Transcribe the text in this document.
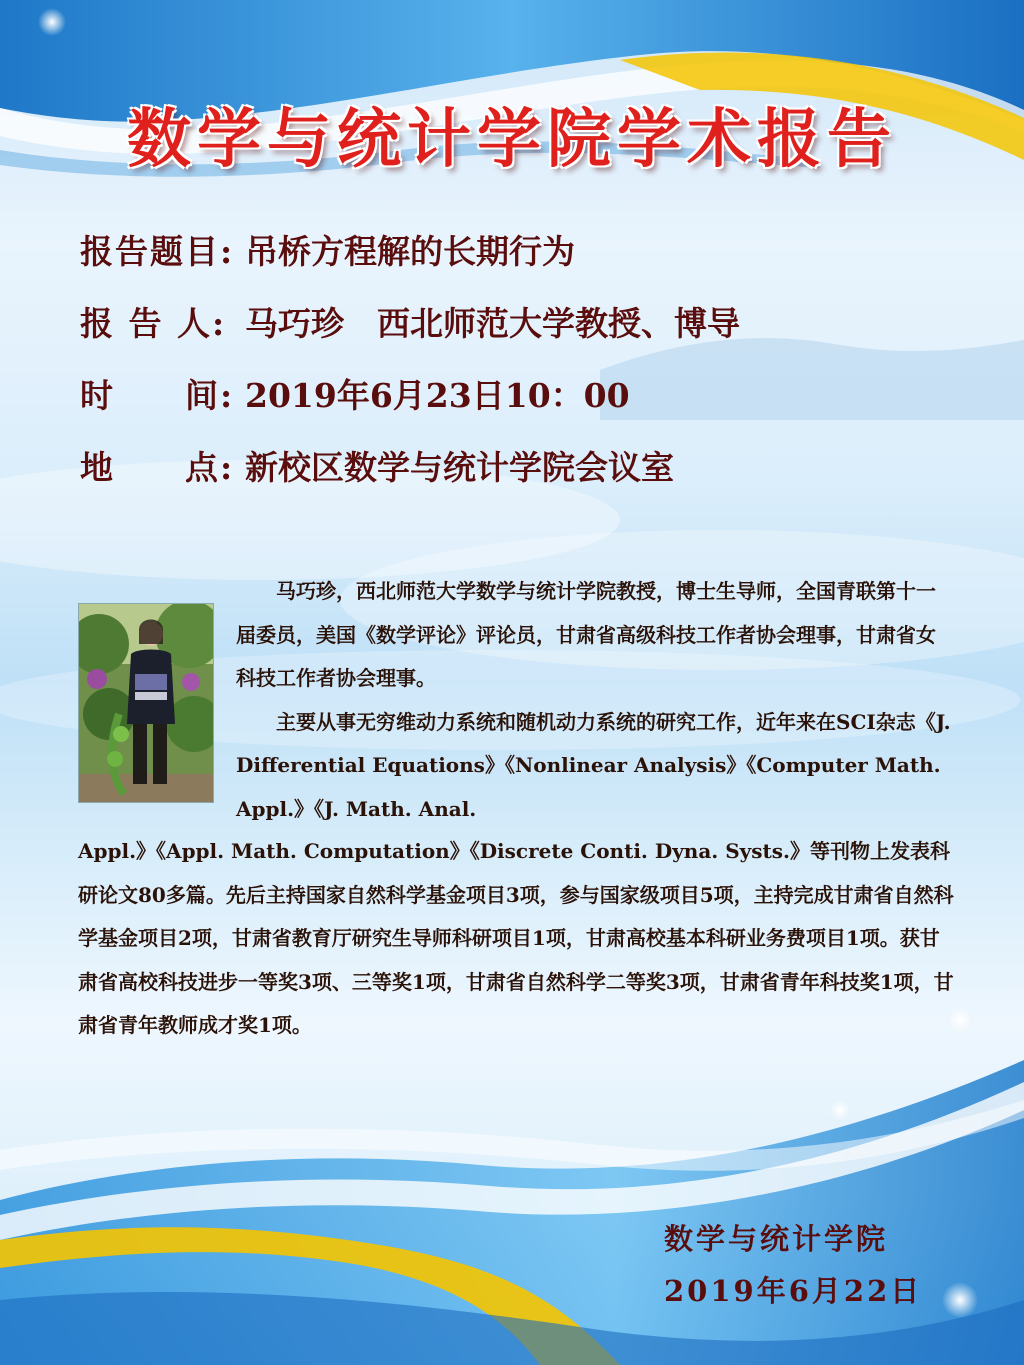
数学与统计学院学术报告
报告题目: 吊桥方程解的长期行为
报 告 人: 马巧珍　西北师范大学教授、博导
时　　间: 2019年6月23日10：00
地　　点: 新校区数学与统计学院会议室

马巧珍，西北师范大学数学与统计学院教授，博士生导师，全国青联第十一届委员，美国《数学评论》评论员，甘肃省高级科技工作者协会理事，甘肃省女科技工作者协会理事。

主要从事无穷维动力系统和随机动力系统的研究工作，近年来在SCI杂志《J. Differential Equations》《Nonlinear Analysis》《Computer Math. Appl.》《J. Math. Anal.

Appl.》《Appl. Math. Computation》《Discrete Conti. Dyna. Systs.》等刊物上发表科研论文80多篇。先后主持国家自然科学基金项目3项，参与国家级项目5项，主持完成甘肃省自然科学基金项目2项，甘肃省教育厅研究生导师科研项目1项，甘肃高校基本科研业务费项目1项。获甘肃省高校科技进步一等奖3项、三等奖1项，甘肃省自然科学二等奖3项，甘肃省青年科技奖1项，甘肃省青年教师成才奖1项。

数学与统计学院
2019年6月22日
